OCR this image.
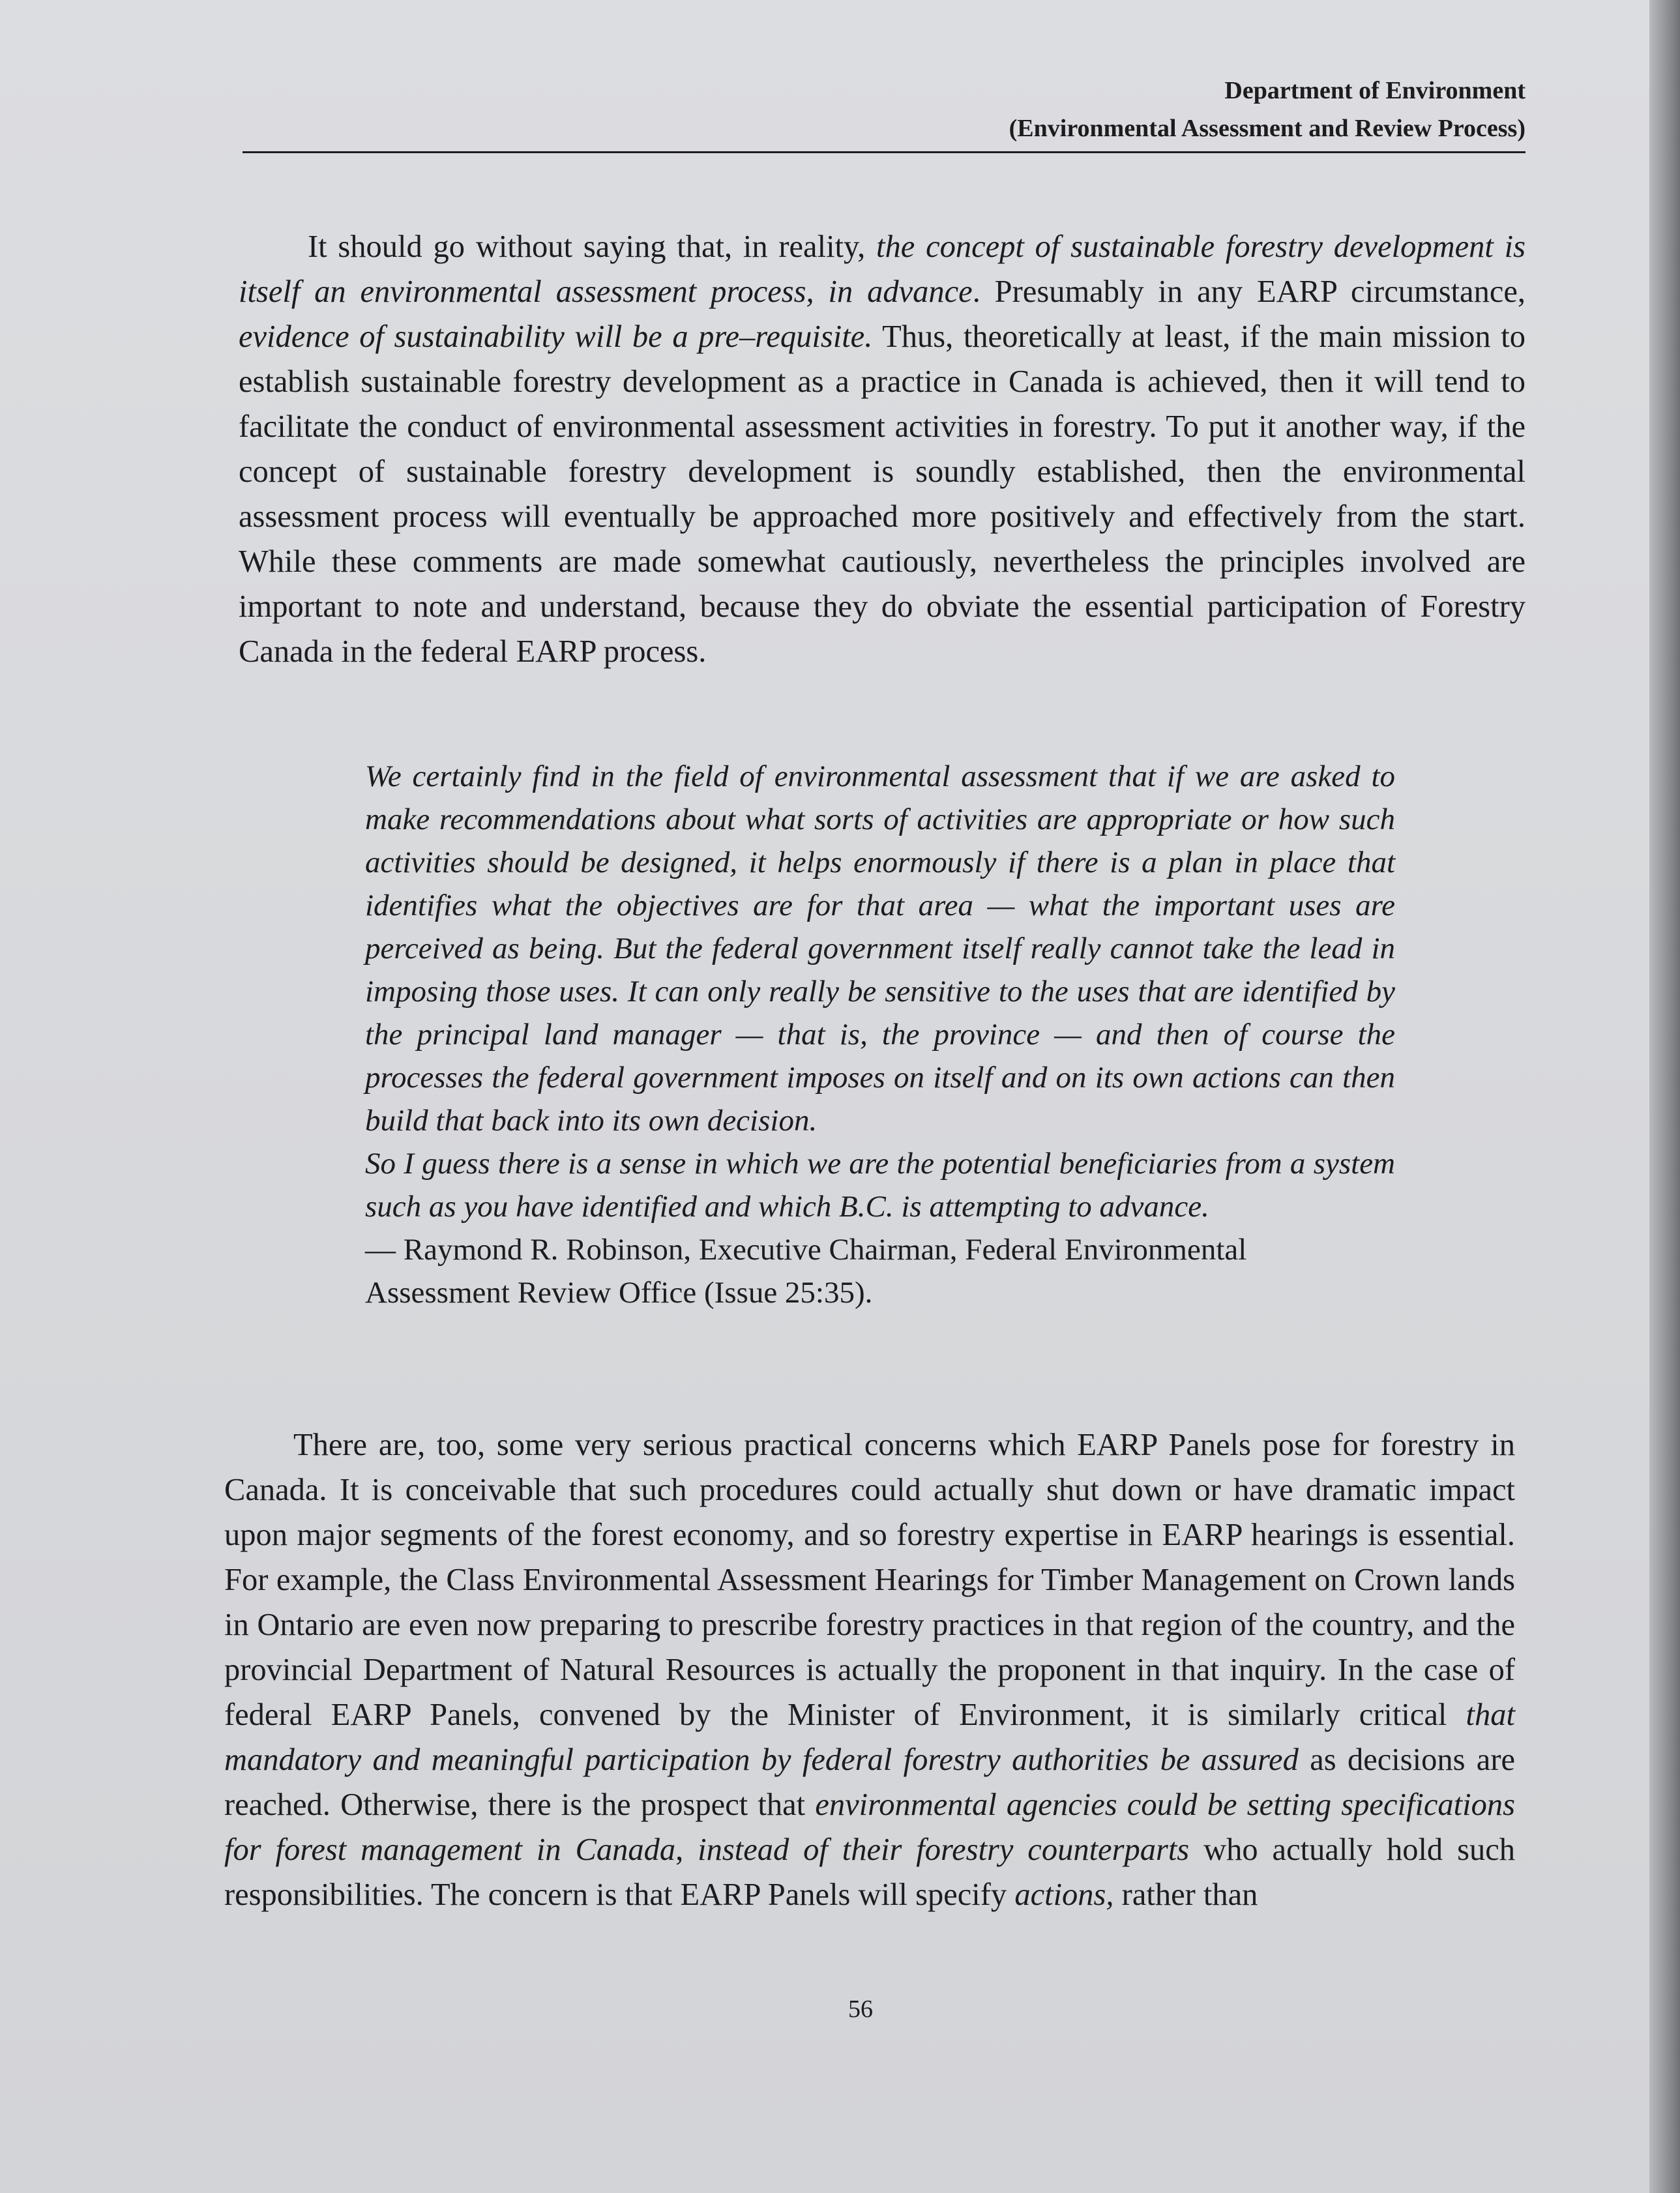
Department of Environment
(Environmental Assessment and Review Process)

It should go without saying that, in reality, the concept of sustainable forestry development is itself an environmental assessment process, in advance. Presumably in any EARP circumstance, evidence of sustainability will be a pre–requisite. Thus, theoretically at least, if the main mission to establish sustainable forestry development as a practice in Canada is achieved, then it will tend to facilitate the conduct of environmental assessment activities in forestry. To put it another way, if the concept of sustainable forestry development is soundly established, then the environmental assessment process will eventually be approached more positively and effectively from the start. While these comments are made somewhat cautiously, nevertheless the principles involved are important to note and understand, because they do obviate the essential participation of Forestry Canada in the federal EARP process.

We certainly find in the field of environmental assessment that if we are asked to make recommendations about what sorts of activities are appropriate or how such activities should be designed, it helps enormously if there is a plan in place that identifies what the objectives are for that area — what the important uses are perceived as being. But the federal government itself really cannot take the lead in imposing those uses. It can only really be sensitive to the uses that are identified by the principal land manager — that is, the province — and then of course the processes the federal government imposes on itself and on its own actions can then build that back into its own decision.

So I guess there is a sense in which we are the potential beneficiaries from a system such as you have identified and which B.C. is attempting to advance.

— Raymond R. Robinson, Executive Chairman, Federal Environmental Assessment Review Office (Issue 25:35).

There are, too, some very serious practical concerns which EARP Panels pose for forestry in Canada. It is conceivable that such procedures could actually shut down or have dramatic impact upon major segments of the forest economy, and so forestry expertise in EARP hearings is essential. For example, the Class Environmental Assessment Hearings for Timber Management on Crown lands in Ontario are even now preparing to prescribe forestry practices in that region of the country, and the provincial Department of Natural Resources is actually the proponent in that inquiry. In the case of federal EARP Panels, convened by the Minister of Environment, it is similarly critical that mandatory and meaningful participation by federal forestry authorities be assured as decisions are reached. Otherwise, there is the prospect that environmental agencies could be setting specifications for forest management in Canada, instead of their forestry counterparts who actually hold such responsibilities. The concern is that EARP Panels will specify actions, rather than

56
